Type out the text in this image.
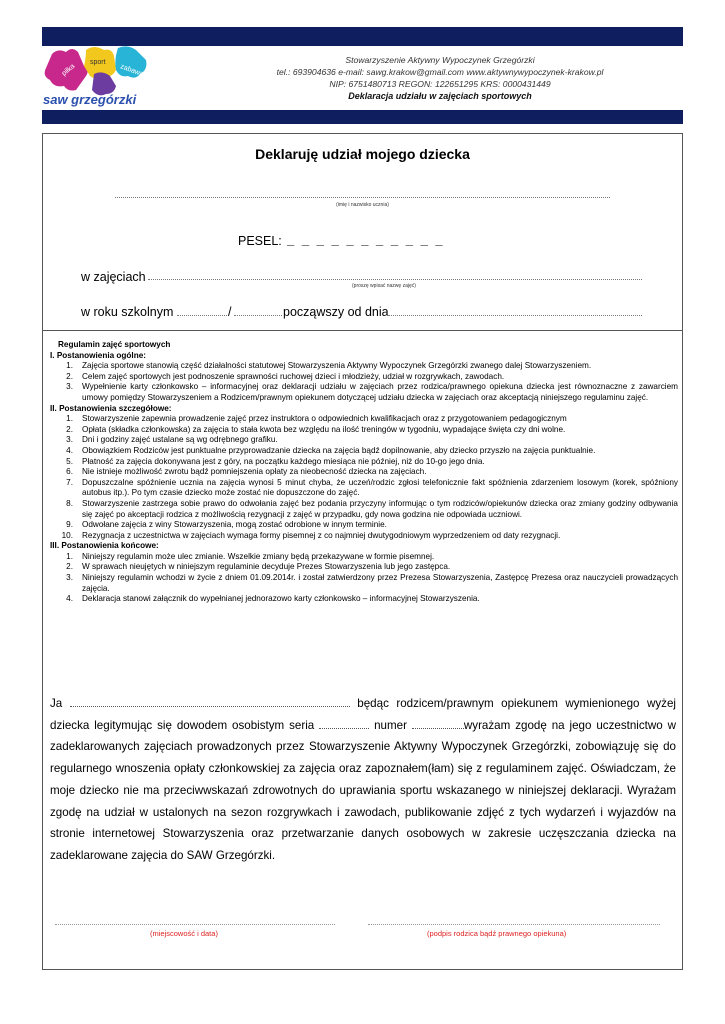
piłka
sport
zabawa
saw grzegórzki
Stowarzyszenie Aktywny Wypoczynek Grzegórzki
tel.: 693904636 e-mail: sawg.krakow@gmail.com www.aktywnywypoczynek-krakow.pl
NIP: 6751480713 REGON: 122651295 KRS: 0000431449
Deklaracja udziału w zajęciach sportowych
Deklaruję udział mojego dziecka
(imię i nazwisko ucznia)
PESEL: _ _ _ _ _ _ _ _ _ _ _
w zajęciach
(proszę wpisać nazwę zajęć)
w roku szkolnym	/	począwszy od dnia
Regulamin zajęć sportowych
I. Postanowienia ogólne:
1.	Zajęcia sportowe stanowią część działalności statutowej Stowarzyszenia Aktywny Wypoczynek Grzegórzki zwanego dalej Stowarzyszeniem.
2.	Celem zajęć sportowych jest podnoszenie sprawności ruchowej dzieci i młodzieży, udział w rozgrywkach, zawodach.
3.	Wypełnienie karty członkowsko – informacyjnej oraz deklaracji udziału w zajęciach przez rodzica/prawnego opiekuna dziecka jest równoznaczne z zawarciem umowy pomiędzy Stowarzyszeniem a Rodzicem/prawnym opiekunem dotyczącej udziału dziecka w zajęciach oraz akceptacją niniejszego regulaminu zajęć.
II. Postanowienia szczegółowe:
1.	Stowarzyszenie zapewnia prowadzenie zajęć przez instruktora o odpowiednich kwalifikacjach oraz z przygotowaniem pedagogicznym
2.	Opłata (składka członkowska) za zajęcia to stała kwota bez względu na ilość treningów w tygodniu, wypadające święta czy dni wolne.
3.	Dni i godziny zajęć ustalane są wg odrębnego grafiku.
4.	Obowiązkiem Rodziców jest punktualne przyprowadzanie dziecka na zajęcia bądź dopilnowanie, aby dziecko przyszło na zajęcia punktualnie.
5.	Płatność za zajęcia dokonywana jest z góry, na początku każdego miesiąca nie później, niż do 10-go jego dnia.
6.	Nie istnieje możliwość zwrotu bądź pomniejszenia opłaty za nieobecność dziecka na zajęciach.
7.	Dopuszczalne spóźnienie ucznia na zajęcia wynosi 5 minut chyba, że uczeń/rodzic zgłosi telefonicznie fakt spóźnienia zdarzeniem losowym (korek, spóźniony autobus itp.). Po tym czasie dziecko może zostać nie dopuszczone do zajęć.
8.	Stowarzyszenie zastrzega sobie prawo do odwołania zajęć bez podania przyczyny informując o tym rodziców/opiekunów dziecka oraz zmiany godziny odbywania się zajęć po akceptacji rodzica z możliwością rezygnacji z zajęć w przypadku, gdy nowa godzina nie odpowiada uczniowi.
9.	Odwołane zajęcia z winy Stowarzyszenia, mogą zostać odrobione w innym terminie.
10.	Rezygnacja z uczestnictwa w zajęciach wymaga formy pisemnej z co najmniej dwutygodniowym wyprzedzeniem od daty rezygnacji.
III. Postanowienia końcowe:
1.	Niniejszy regulamin może ulec zmianie. Wszelkie zmiany będą przekazywane w formie pisemnej.
2.	W sprawach nieujętych w niniejszym regulaminie decyduje Prezes Stowarzyszenia lub jego zastępca.
3.	Niniejszy regulamin wchodzi w życie z dniem 01.09.2014r. i został zatwierdzony przez Prezesa Stowarzyszenia, Zastępcę Prezesa oraz nauczycieli prowadzących zajęcia.
4.	Deklaracja stanowi załącznik do wypełnianej jednorazowo karty członkowsko – informacyjnej Stowarzyszenia.
Ja	będąc rodzicem/prawnym opiekunem wymienionego wyżej dziecka legitymując się dowodem osobistym seria	numer	wyrażam zgodę na jego uczestnictwo w zadeklarowanych zajęciach prowadzonych przez Stowarzyszenie Aktywny Wypoczynek Grzegórzki, zobowiązuję się do regularnego wnoszenia opłaty członkowskiej za zajęcia oraz zapoznałem(łam) się z regulaminem zajęć. Oświadczam, że moje dziecko nie ma przeciwwskazań zdrowotnych do uprawiania sportu wskazanego w niniejszej deklaracji. Wyrażam zgodę na udział w ustalonych na sezon rozgrywkach i zawodach, publikowanie zdjęć z tych wydarzeń i wyjazdów na stronie internetowej Stowarzyszenia oraz przetwarzanie danych osobowych w zakresie uczęszczania dziecka na zadeklarowane zajęcia do SAW Grzegórzki.
(miejscowość i data)	(podpis rodzica bądź prawnego opiekuna)
